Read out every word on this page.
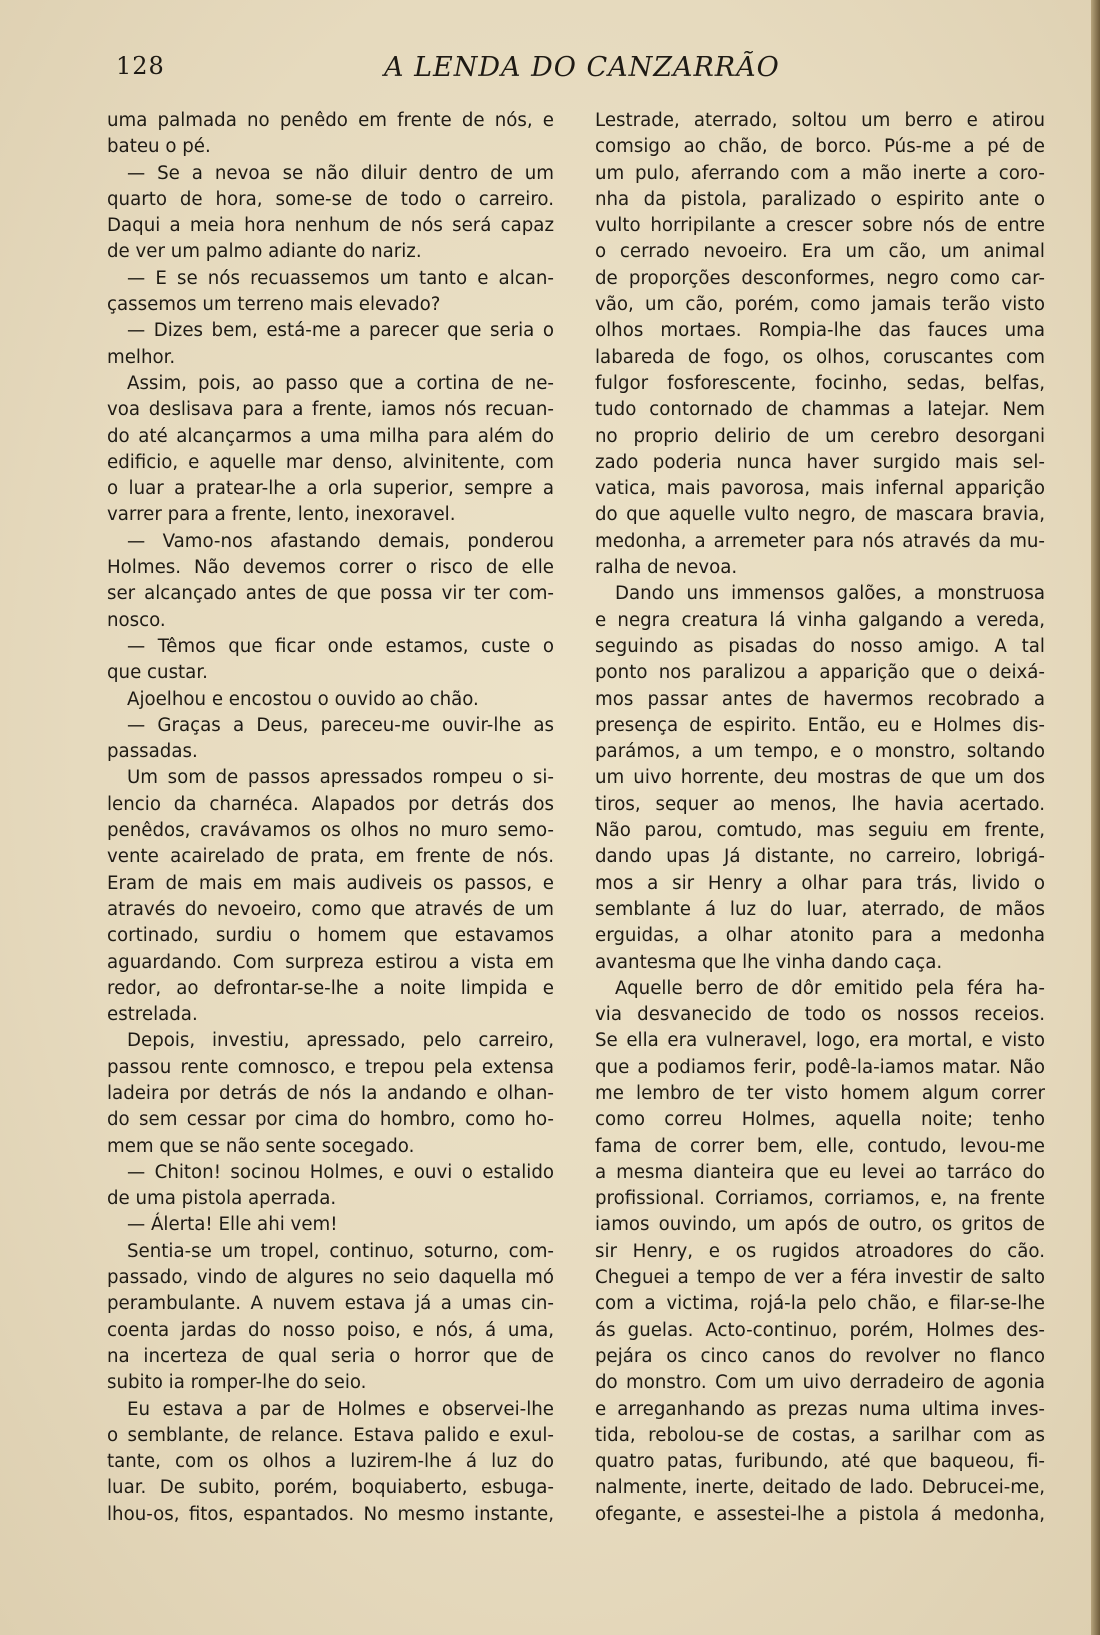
128	A LENDA DO CANZARRÃO
uma palmada no penêdo em frente de nós, e
bateu o pé.
— Se a nevoa se não diluir dentro de um
quarto de hora, some-se de todo o carreiro.
Daqui a meia hora nenhum de nós será capaz
de ver um palmo adiante do nariz.
— E se nós recuassemos um tanto e alcan-
çassemos um terreno mais elevado?
— Dizes bem, está-me a parecer que seria o
melhor.
Assim, pois, ao passo que a cortina de ne-
voa deslisava para a frente, iamos nós recuan-
do até alcançarmos a uma milha para além do
edificio, e aquelle mar denso, alvinitente, com
o luar a pratear-lhe a orla superior, sempre a
varrer para a frente, lento, inexoravel.
— Vamo-nos afastando demais, ponderou
Holmes. Não devemos correr o risco de elle
ser alcançado antes de que possa vir ter com-
nosco.
— Têmos que ficar onde estamos, custe o
que custar.
Ajoelhou e encostou o ouvido ao chão.
— Graças a Deus, pareceu-me ouvir-lhe as
passadas.
Um som de passos apressados rompeu o si-
lencio da charnéca. Alapados por detrás dos
penêdos, cravávamos os olhos no muro semo-
vente acairelado de prata, em frente de nós.
Eram de mais em mais audiveis os passos, e
através do nevoeiro, como que através de um
cortinado, surdiu o homem que estavamos
aguardando. Com surpreza estirou a vista em
redor, ao defrontar-se-lhe a noite limpida e
estrelada.
Depois, investiu, apressado, pelo carreiro,
passou rente comnosco, e trepou pela extensa
ladeira por detrás de nós Ia andando e olhan-
do sem cessar por cima do hombro, como ho-
mem que se não sente socegado.
— Chiton! socinou Holmes, e ouvi o estalido
de uma pistola aperrada.
— Álerta! Elle ahi vem!
Sentia-se um tropel, continuo, soturno, com-
passado, vindo de algures no seio daquella mó
perambulante. A nuvem estava já a umas cin-
coenta jardas do nosso poiso, e nós, á uma,
na incerteza de qual seria o horror que de
subito ia romper-lhe do seio.
Eu estava a par de Holmes e observei-lhe
o semblante, de relance. Estava palido e exul-
tante, com os olhos a luzirem-lhe á luz do
luar. De subito, porém, boquiaberto, esbuga-
lhou-os, fitos, espantados. No mesmo instante,
Lestrade, aterrado, soltou um berro e atirou
comsigo ao chão, de borco. Pús-me a pé de
um pulo, aferrando com a mão inerte a coro-
nha da pistola, paralizado o espirito ante o
vulto horripilante a crescer sobre nós de entre
o cerrado nevoeiro. Era um cão, um animal
de proporções desconformes, negro como car-
vão, um cão, porém, como jamais terão visto
olhos mortaes. Rompia-lhe das fauces uma
labareda de fogo, os olhos, coruscantes com
fulgor fosforescente, focinho, sedas, belfas,
tudo contornado de chammas a latejar. Nem
no proprio delirio de um cerebro desorgani
zado poderia nunca haver surgido mais sel-
vatica, mais pavorosa, mais infernal apparição
do que aquelle vulto negro, de mascara bravia,
medonha, a arremeter para nós através da mu-
ralha de nevoa.
Dando uns immensos galões, a monstruosa
e negra creatura lá vinha galgando a vereda,
seguindo as pisadas do nosso amigo. A tal
ponto nos paralizou a apparição que o deixá-
mos passar antes de havermos recobrado a
presença de espirito. Então, eu e Holmes dis-
parámos, a um tempo, e o monstro, soltando
um uivo horrente, deu mostras de que um dos
tiros, sequer ao menos, lhe havia acertado.
Não parou, comtudo, mas seguiu em frente,
dando upas Já distante, no carreiro, lobrigá-
mos a sir Henry a olhar para trás, livido o
semblante á luz do luar, aterrado, de mãos
erguidas, a olhar atonito para a medonha
avantesma que lhe vinha dando caça.
Aquelle berro de dôr emitido pela féra ha-
via desvanecido de todo os nossos receios.
Se ella era vulneravel, logo, era mortal, e visto
que a podiamos ferir, podê-la-iamos matar. Não
me lembro de ter visto homem algum correr
como correu Holmes, aquella noite; tenho
fama de correr bem, elle, contudo, levou-me
a mesma dianteira que eu levei ao tarráco do
profissional. Corriamos, corriamos, e, na frente
iamos ouvindo, um após de outro, os gritos de
sir Henry, e os rugidos atroadores do cão.
Cheguei a tempo de ver a féra investir de salto
com a victima, rojá-la pelo chão, e filar-se-lhe
ás guelas. Acto-continuo, porém, Holmes des-
pejára os cinco canos do revolver no flanco
do monstro. Com um uivo derradeiro de agonia
e arreganhando as prezas numa ultima inves-
tida, rebolou-se de costas, a sarilhar com as
quatro patas, furibundo, até que baqueou, fi-
nalmente, inerte, deitado de lado. Debrucei-me,
ofegante, e assestei-lhe a pistola á medonha,
